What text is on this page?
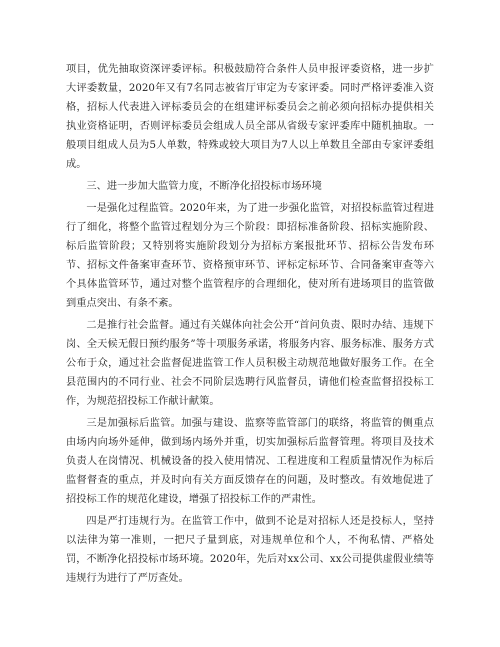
项目，优先抽取资深评委评标。积极鼓励符合条件人员申报评委资格，进一步扩大评委数量，2020年又有7名同志被省厅审定为专家评委。同时严格评委准入资格，招标人代表进入评标委员会的在组建评标委员会之前必须向招标办提供相关执业资格证明，否则评标委员会组成人员全部从省级专家评委库中随机抽取。一般项目组成人员为5人单数，特殊或较大项目为7人以上单数且全部由专家评委组成。

三、进一步加大监管力度，不断净化招投标市场环境

一是强化过程监管。2020年来，为了进一步强化监管，对招投标监管过程进行了细化，将整个监管过程划分为三个阶段：即招标准备阶段、招标实施阶段、标后监管阶段；又特别将实施阶段划分为招标方案报批环节、招标公告发布环节、招标文件备案审查环节、资格预审环节、评标定标环节、合同备案审查等六个具体监管环节，通过对整个监管程序的合理细化，使对所有进场项目的监管做到重点突出、有条不紊。

二是推行社会监督。通过有关媒体向社会公开“首问负责、限时办结、违规下岗、全天候无假日预约服务”等十项服务承诺，将服务内容、服务标准、服务方式公布于众，通过社会监督促进监管工作人员积极主动规范地做好服务工作。在全县范围内的不同行业、社会不同阶层选聘行风监督员，请他们检查监督招投标工作，为规范招投标工作献计献策。

三是加强标后监管。加强与建设、监察等监管部门的联络，将监管的侧重点由场内向场外延伸，做到场内场外并重，切实加强标后监督管理。将项目及技术负责人在岗情况、机械设备的投入使用情况、工程进度和工程质量情况作为标后监督督查的重点，并及时向有关方面反馈存在的问题，及时整改。有效地促进了招投标工作的规范化建设，增强了招投标工作的严肃性。

四是严打违规行为。在监管工作中，做到不论是对招标人还是投标人，坚持以法律为第一准则，一把尺子量到底，对违规单位和个人，不徇私情、严格处罚，不断净化招投标市场环境。2020年，先后对xx公司、xx公司提供虚假业绩等违规行为进行了严厉查处。
